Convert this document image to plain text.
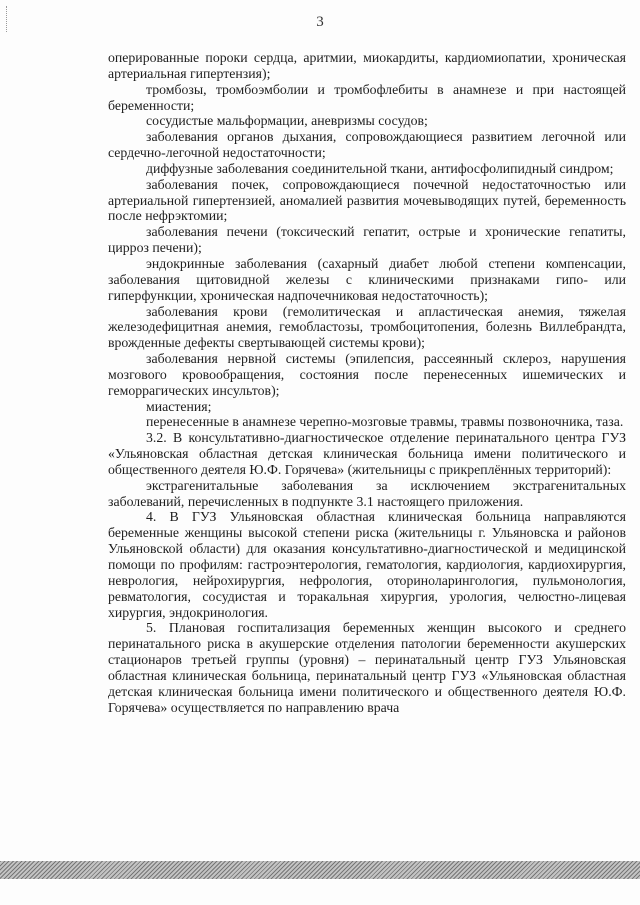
3

оперированные пороки сердца, аритмии, миокардиты, кардиомиопатии, хроническая артериальная гипертензия);

тромбозы, тромбоэмболии и тромбофлебиты в анамнезе и при настоящей беременности;

сосудистые мальформации, аневризмы сосудов;

заболевания органов дыхания, сопровождающиеся развитием легочной или сердечно-легочной недостаточности;

диффузные заболевания соединительной ткани, антифосфолипидный синдром;

заболевания почек, сопровождающиеся почечной недостаточностью или артериальной гипертензией, аномалией развития мочевыводящих путей, беременность после нефрэктомии;

заболевания печени (токсический гепатит, острые и хронические гепатиты, цирроз печени);

эндокринные заболевания (сахарный диабет любой степени компенсации, заболевания щитовидной железы с клиническими признаками гипо- или гиперфункции, хроническая надпочечниковая недостаточность);

заболевания крови (гемолитическая и апластическая анемия, тяжелая железодефицитная анемия, гемобластозы, тромбоцитопения, болезнь Виллебрандта, врожденные дефекты свертывающей системы крови);

заболевания нервной системы (эпилепсия, рассеянный склероз, нарушения мозгового кровообращения, состояния после перенесенных ишемических и геморрагических инсультов);

миастения;

перенесенные в анамнезе черепно-мозговые травмы, травмы позвоночника, таза.

3.2. В консультативно-диагностическое отделение перинатального центра ГУЗ «Ульяновская областная детская клиническая больница имени политического и общественного деятеля Ю.Ф. Горячева» (жительницы с прикреплённых территорий):

экстрагенитальные заболевания за исключением экстрагенитальных заболеваний, перечисленных в подпункте 3.1 настоящего приложения.

4. В ГУЗ Ульяновская областная клиническая больница направляются беременные женщины высокой степени риска (жительницы г. Ульяновска и районов Ульяновской области) для оказания консультативно-диагностической и медицинской помощи по профилям: гастроэнтерология, гематология, кардиология, кардиохирургия, неврология, нейрохирургия, нефрология, оториноларингология, пульмонология, ревматология, сосудистая и торакальная хирургия, урология, челюстно-лицевая хирургия, эндокринология.

5. Плановая госпитализация беременных женщин высокого и среднего перинатального риска в акушерские отделения патологии беременности акушерских стационаров третьей группы (уровня) – перинатальный центр ГУЗ Ульяновская областная клиническая больница, перинатальный центр ГУЗ «Ульяновская областная детская клиническая больница имени политического и общественного деятеля Ю.Ф. Горячева» осуществляется по направлению врача
